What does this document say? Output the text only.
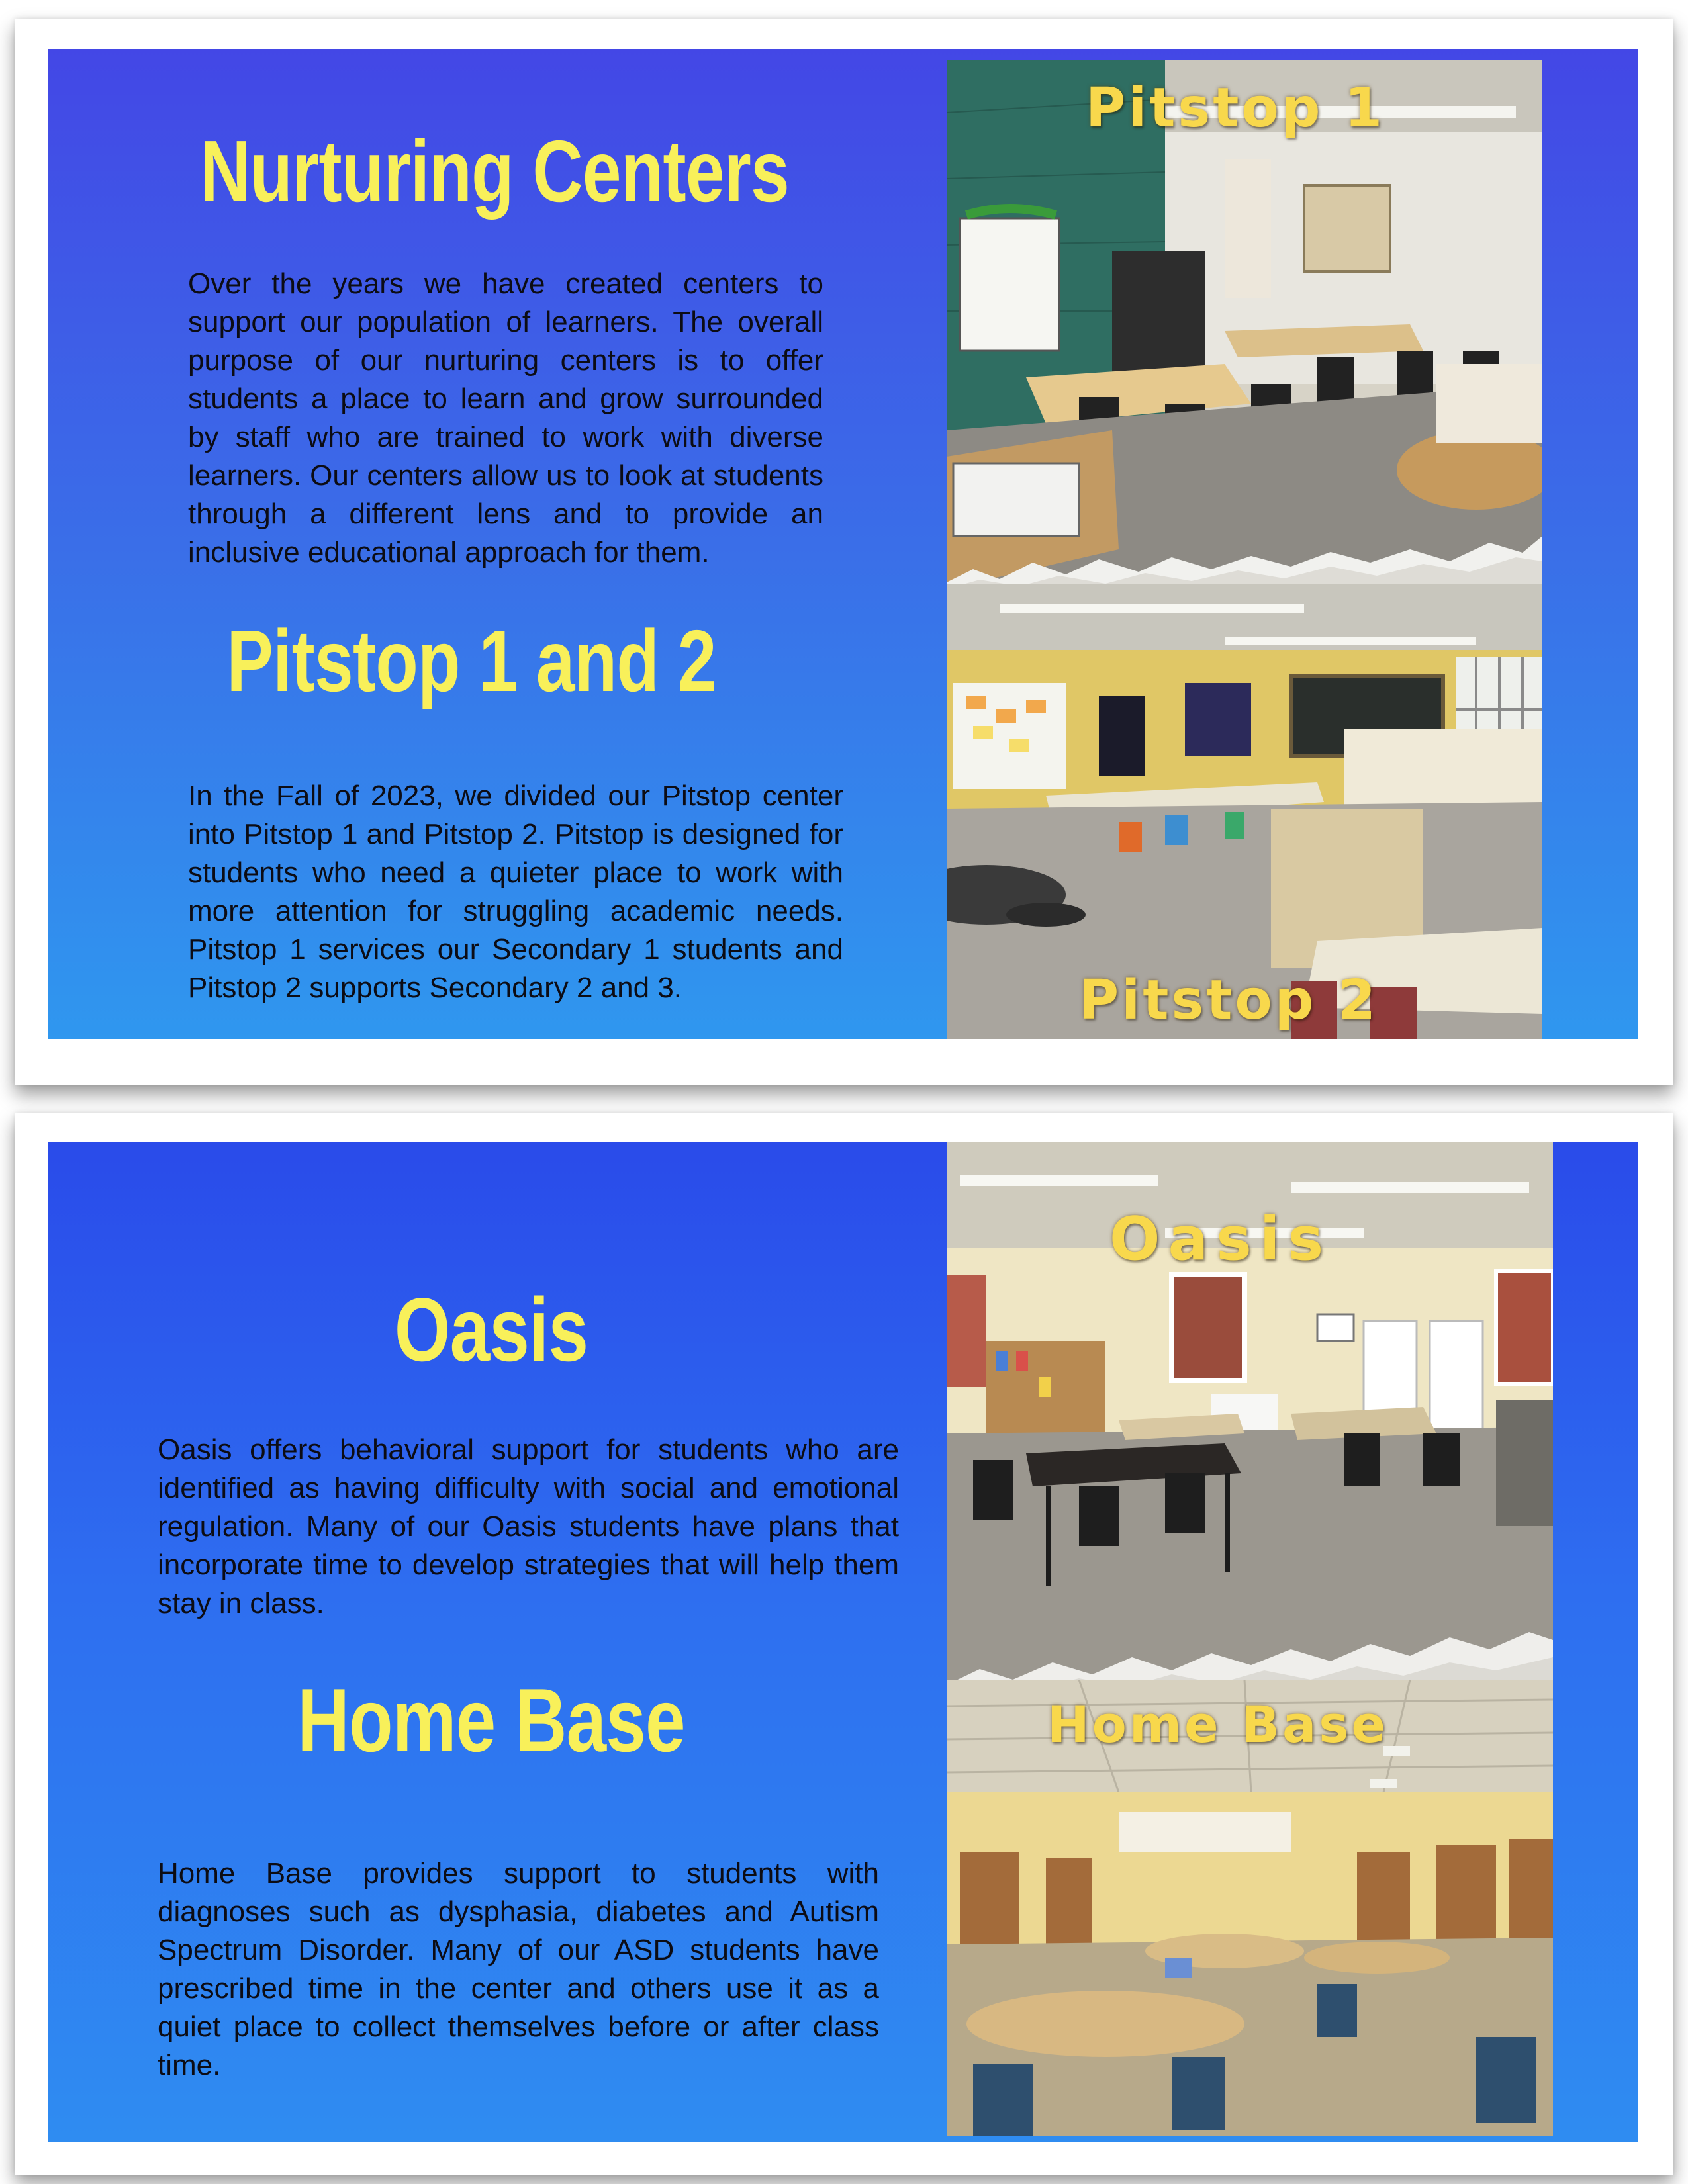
Nurturing Centers

Over the years we have created centers to support our population of learners. The overall purpose of our nurturing centers is to offer students a place to learn and grow surrounded by staff who are trained to work with diverse learners. Our centers allow us to look at students through a different lens and to provide an inclusive educational approach for them.

Pitstop 1 and 2

In the Fall of 2023, we divided our Pitstop center into Pitstop 1 and Pitstop 2. Pitstop is designed for students who need a quieter place to work with more attention for struggling academic needs. Pitstop 1 services our Secondary 1 students and Pitstop 2 supports Secondary 2 and 3.

Pitstop 1
Pitstop 2
Oasis

Oasis offers behavioral support for students who are identified as having difficulty with social and emotional regulation. Many of our Oasis students have plans that incorporate time to develop strategies that will help them stay in class.

Home Base

Home Base provides support to students with diagnoses such as dysphasia, diabetes and Autism Spectrum Disorder. Many of our ASD students have prescribed time in the center and others use it as a quiet place to collect themselves before or after class time.

Oasis
Home Base
